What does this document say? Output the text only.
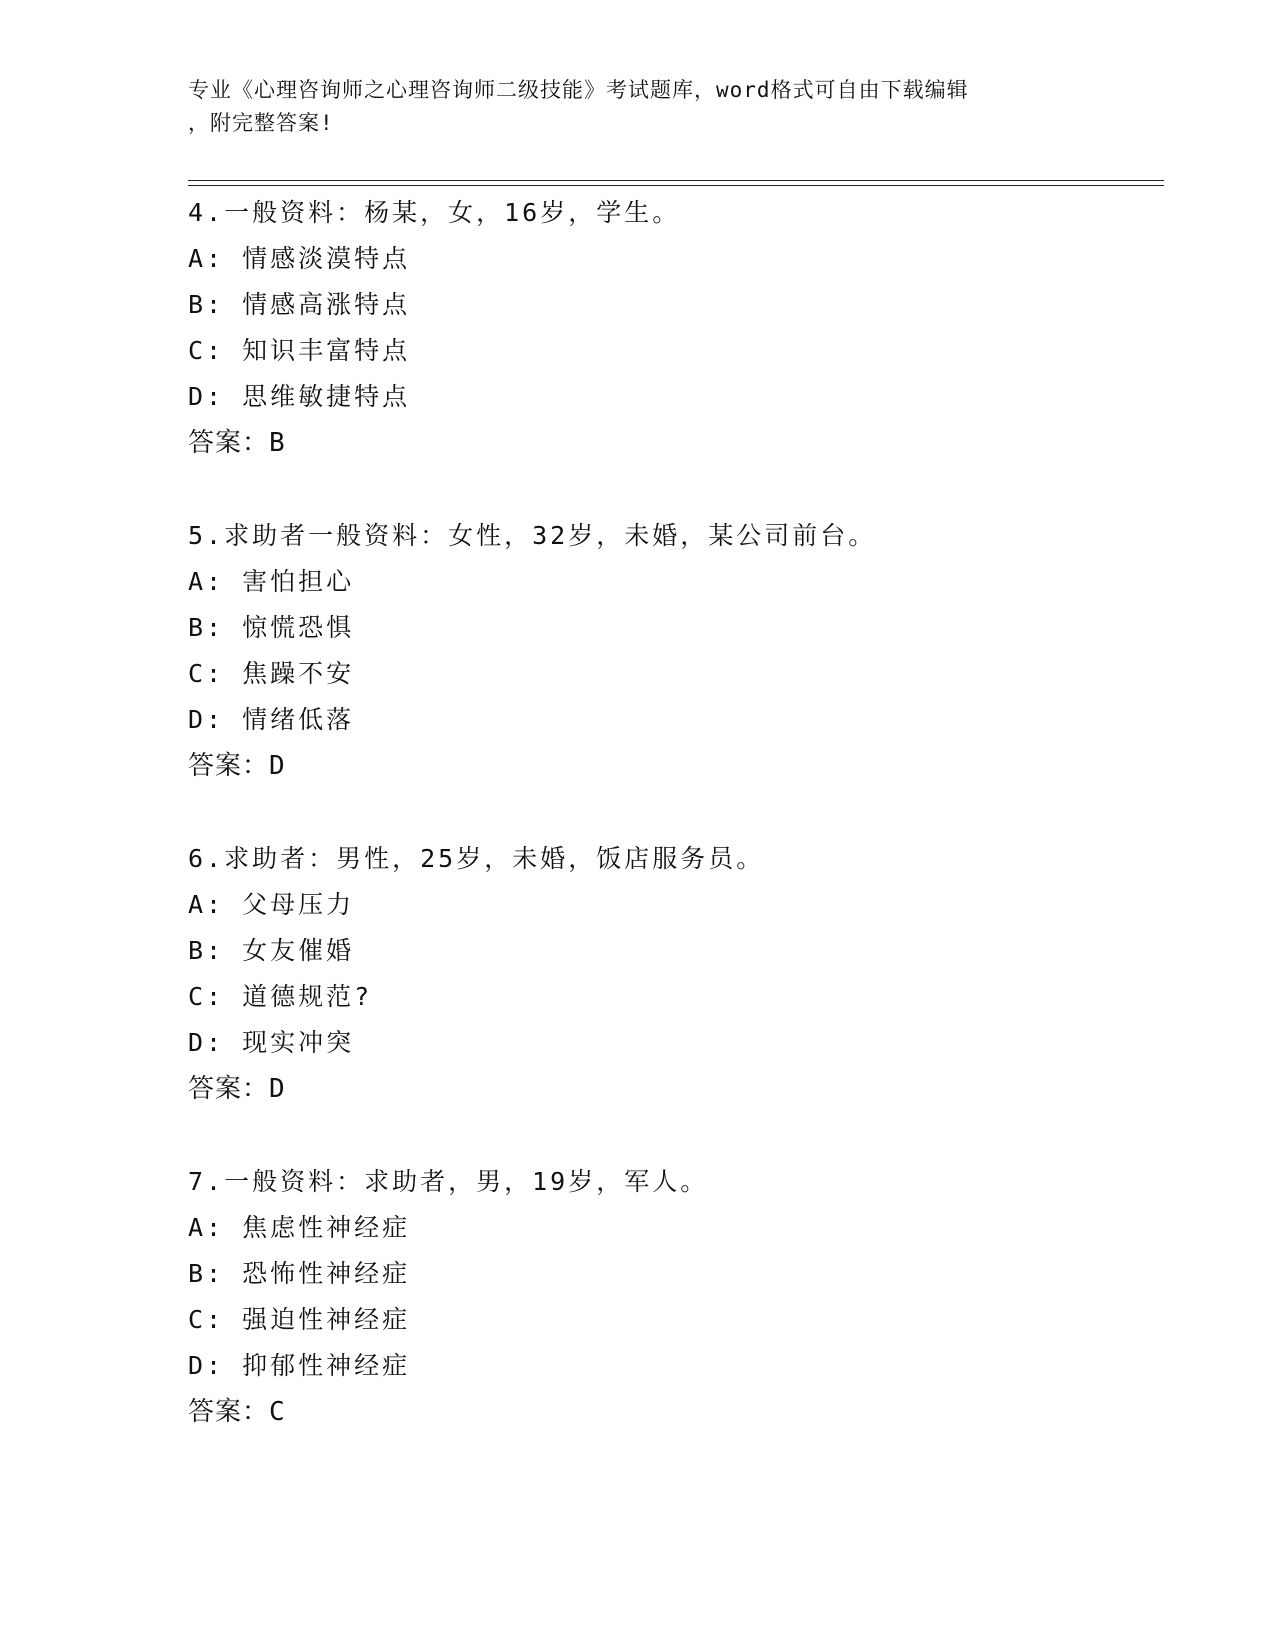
专业《心理咨询师之心理咨询师二级技能》考试题库，word格式可自由下载编辑
，附完整答案!
4.一般资料：杨某，女，16岁，学生。
A: 情感淡漠特点
B: 情感高涨特点
C: 知识丰富特点
D: 思维敏捷特点
答案：B
5.求助者一般资料：女性，32岁，未婚，某公司前台。
A: 害怕担心
B: 惊慌恐惧
C: 焦躁不安
D: 情绪低落
答案：D
6.求助者：男性，25岁，未婚，饭店服务员。
A: 父母压力
B: 女友催婚
C: 道德规范?
D: 现实冲突
答案：D
7.一般资料：求助者，男，19岁，军人。
A: 焦虑性神经症
B: 恐怖性神经症
C: 强迫性神经症
D: 抑郁性神经症
答案：C
